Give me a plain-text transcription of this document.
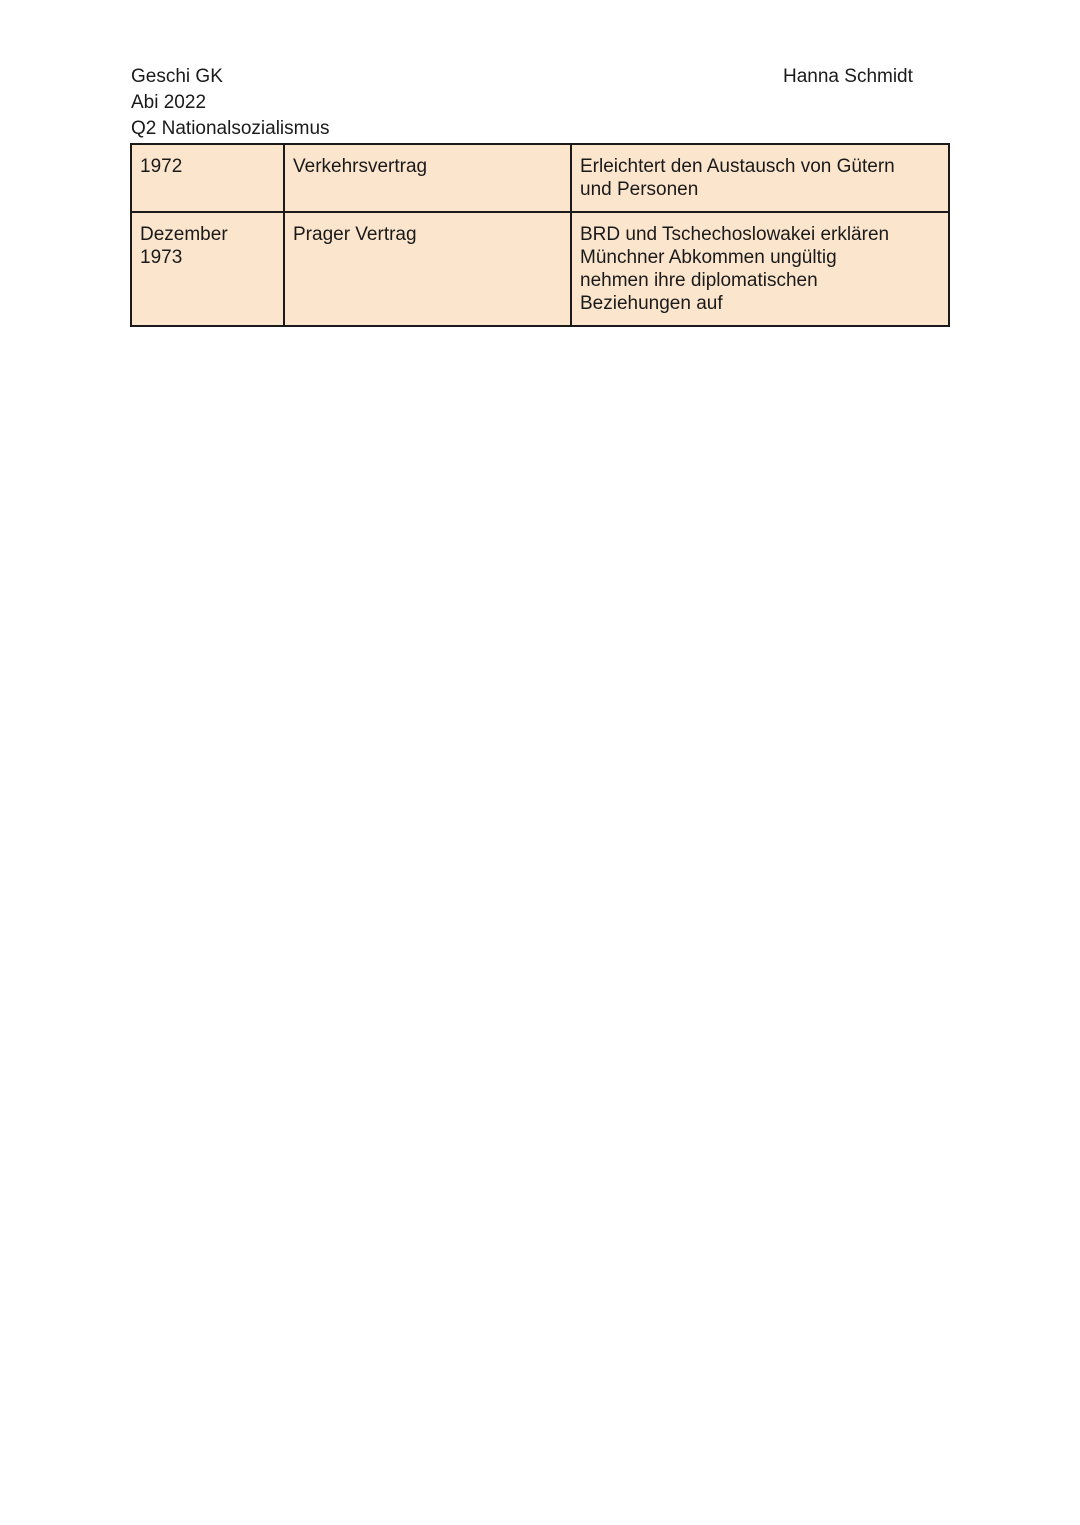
Geschi GK
Abi 2022
Q2 Nationalsozialismus
Hanna Schmidt
1972	Verkehrsvertrag	Erleichtert den Austausch von Gütern
und Personen

Dezember
1973	Prager Vertrag	BRD und Tschechoslowakei erklären
Münchner Abkommen ungültig
nehmen ihre diplomatischen
Beziehungen auf
